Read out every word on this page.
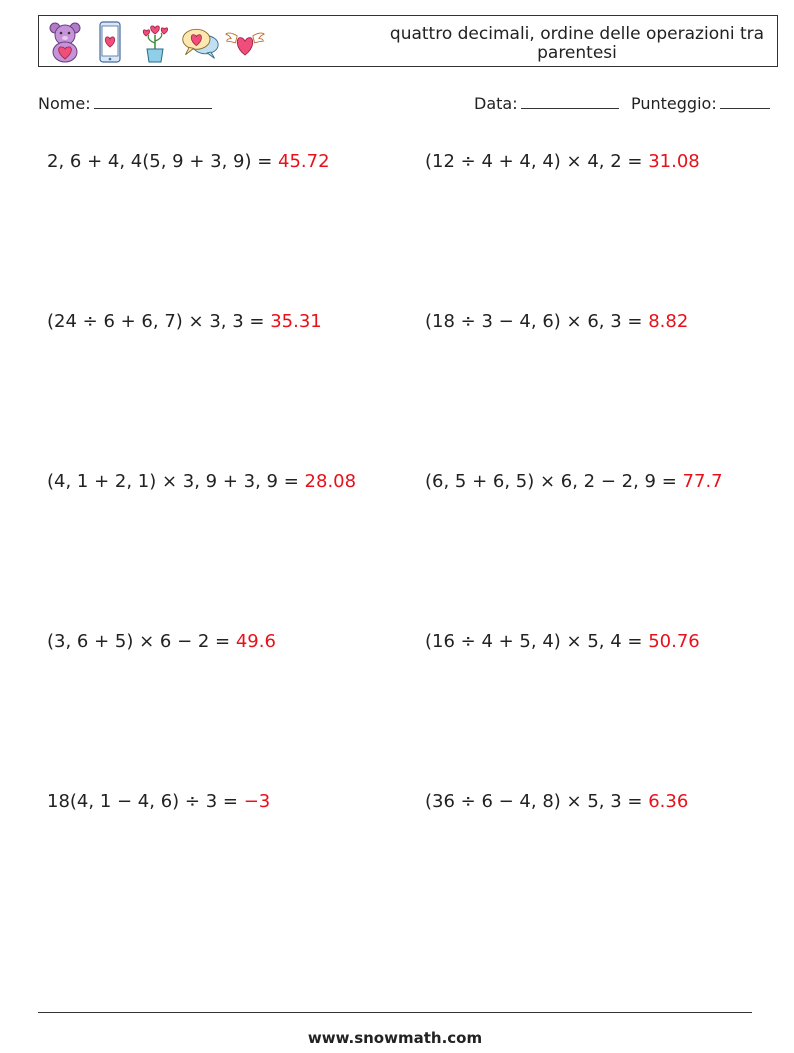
quattro decimali, ordine delle operazioni tra parentesi
Nome:	Data:	Punteggio:
2, 6 + 4, 4(5, 9 + 3, 9) = 45.72	(12 ÷ 4 + 4, 4) × 4, 2 = 31.08
(24 ÷ 6 + 6, 7) × 3, 3 = 35.31	(18 ÷ 3 − 4, 6) × 6, 3 = 8.82
(4, 1 + 2, 1) × 3, 9 + 3, 9 = 28.08	(6, 5 + 6, 5) × 6, 2 − 2, 9 = 77.7
(3, 6 + 5) × 6 − 2 = 49.6	(16 ÷ 4 + 5, 4) × 5, 4 = 50.76
18(4, 1 − 4, 6) ÷ 3 = −3	(36 ÷ 6 − 4, 8) × 5, 3 = 6.36
www.snowmath.com
